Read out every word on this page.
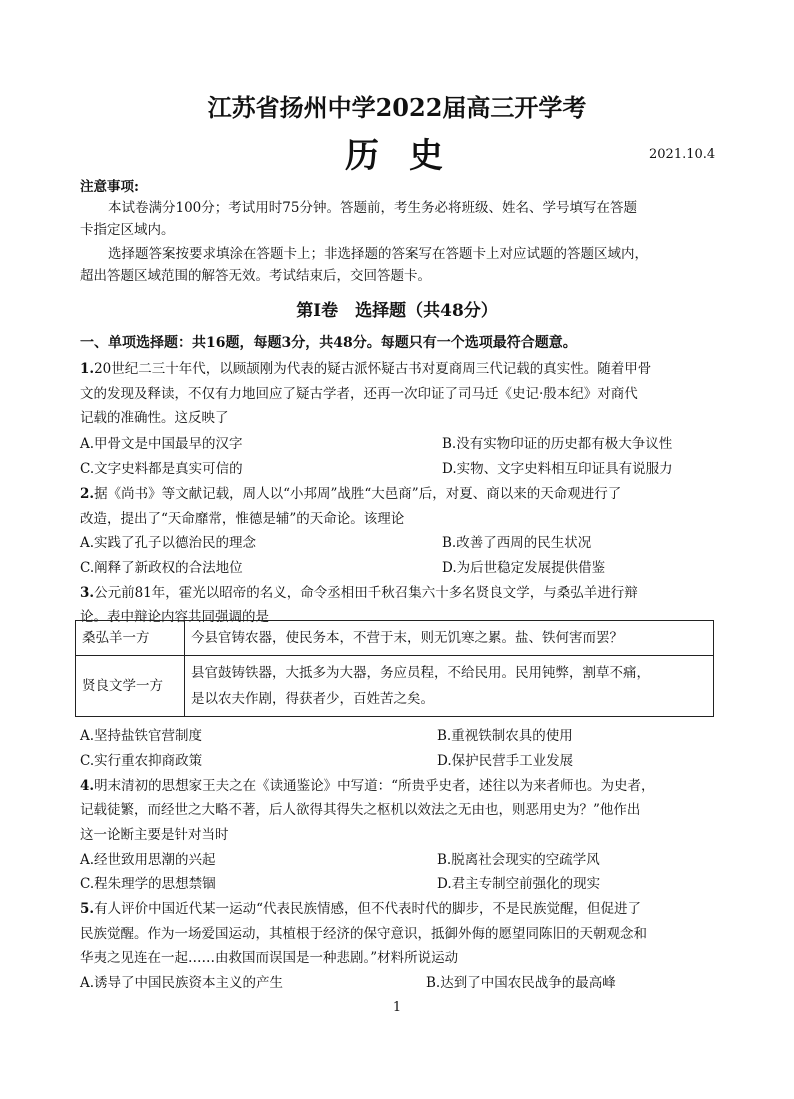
江苏省扬州中学2022届高三开学考
历 史	2021.10.4
注意事项:
本试卷满分100分；考试用时75分钟。答题前，考生务必将班级、姓名、学号填写在答题
卡指定区域内。
选择题答案按要求填涂在答题卡上；非选择题的答案写在答题卡上对应试题的答题区域内，
超出答题区域范围的解答无效。考试结束后，交回答题卡。
第Ⅰ卷　选择题（共48分）
一、单项选择题：共16题，每题3分，共48分。每题只有一个选项最符合题意。
1.20世纪二三十年代，以顾颉刚为代表的疑古派怀疑古书对夏商周三代记载的真实性。随着甲骨
文的发现及释读，不仅有力地回应了疑古学者，还再一次印证了司马迁《史记·殷本纪》对商代
记载的准确性。这反映了
A.甲骨文是中国最早的汉字	B.没有实物印证的历史都有极大争议性
C.文字史料都是真实可信的	D.实物、文字史料相互印证具有说服力
2.据《尚书》等文献记载，周人以“小邦周”战胜“大邑商”后，对夏、商以来的天命观进行了
改造，提出了“天命靡常，惟德是辅”的天命论。该理论
A.实践了孔子以德治民的理念	B.改善了西周的民生状况
C.阐释了新政权的合法地位	D.为后世稳定发展提供借鉴
3.公元前81年，霍光以昭帝的名义，命令丞相田千秋召集六十多名贤良文学，与桑弘羊进行辩
论。表中辩论内容共同强调的是
桑弘羊一方	今县官铸农器，使民务本，不营于末，则无饥寒之累。盐、铁何害而罢？
贤良文学一方	县官鼓铸铁器，大抵多为大器，务应员程，不给民用。民用钝弊，割草不痛，
是以农夫作剧，得获者少，百姓苦之矣。
A.坚持盐铁官营制度	B.重视铁制农具的使用
C.实行重农抑商政策	D.保护民营手工业发展
4.明末清初的思想家王夫之在《读通鉴论》中写道：“所贵乎史者，述往以为来者师也。为史者，
记载徒繁，而经世之大略不著，后人欲得其得失之枢机以效法之无由也，则恶用史为？”他作出
这一论断主要是针对当时
A.经世致用思潮的兴起	B.脱离社会现实的空疏学风
C.程朱理学的思想禁锢	D.君主专制空前强化的现实
5.有人评价中国近代某一运动“代表民族情感，但不代表时代的脚步，不是民族觉醒，但促进了
民族觉醒。作为一场爱国运动，其植根于经济的保守意识，抵御外侮的愿望同陈旧的天朝观念和
华夷之见连在一起……由救国而误国是一种悲剧。”材料所说运动
A.诱导了中国民族资本主义的产生	B.达到了中国农民战争的最高峰
1
